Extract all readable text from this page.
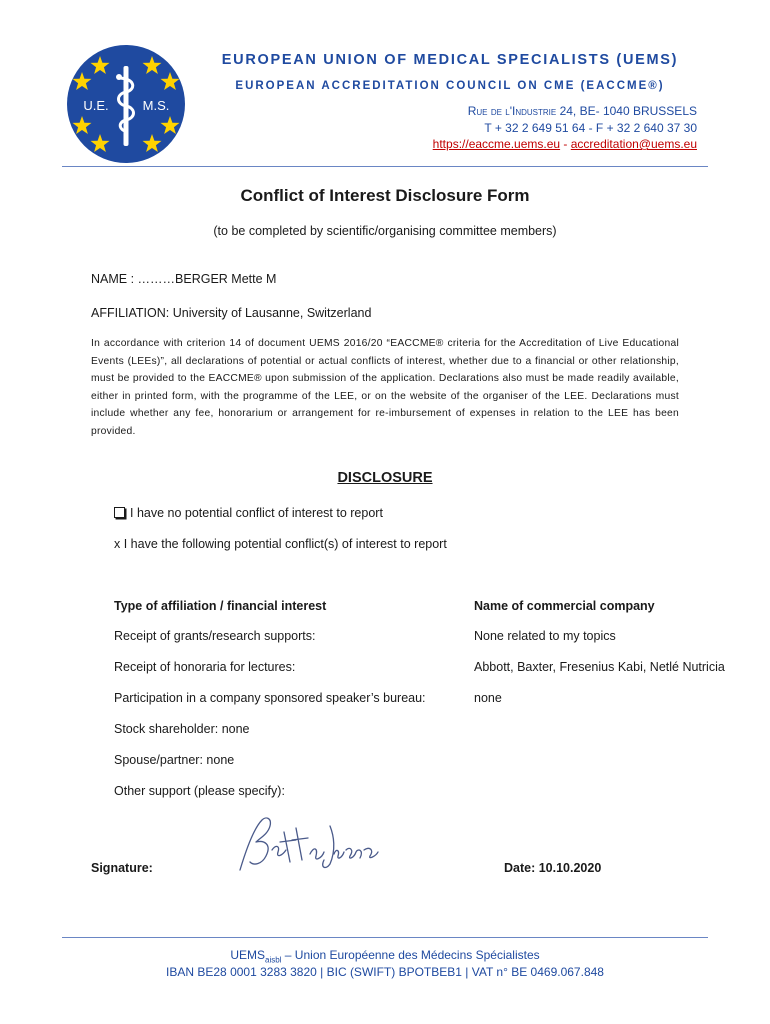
U.E.	M.S.
EUROPEAN UNION OF MEDICAL SPECIALISTS (UEMS)
EUROPEAN ACCREDITATION COUNCIL ON CME (EACCME®)
Rue de l'Industrie 24, BE- 1040 BRUSSELS
T + 32 2 649 51 64 - F + 32 2 640 37 30
https://eaccme.uems.eu - accreditation@uems.eu
Conflict of Interest Disclosure Form
(to be completed by scientific/organising committee members)
NAME : ………BERGER Mette M
AFFILIATION: University of Lausanne, Switzerland
In accordance with criterion 14 of document UEMS 2016/20 “EACCME® criteria for the Accreditation of Live Educational Events (LEEs)”, all declarations of potential or actual conflicts of interest, whether due to a financial or other relationship, must be provided to the EACCME® upon submission of the application. Declarations also must be made readily available, either in printed form, with the programme of the LEE, or on the website of the organiser of the LEE. Declarations must include whether any fee, honorarium or arrangement for re-imbursement of expenses in relation to the LEE has been provided.
DISCLOSURE
I have no potential conflict of interest to report
x I have the following potential conflict(s) of interest to report
Type of affiliation / financial interest	Name of commercial company
Receipt of grants/research supports:	None related to my topics
Receipt of honoraria for lectures:	Abbott, Baxter, Fresenius Kabi, Netlé Nutricia
Participation in a company sponsored speaker’s bureau:	none
Stock shareholder: none
Spouse/partner: none
Other support (please specify):
Signature:	Date: 10.10.2020
$UEMS_{aisbl}$ – Union Européenne des Médecins Spécialistes
IBAN BE28 0001 3283 3820 | BIC (SWIFT) BPOTBEB1 | VAT n° BE 0469.067.848
